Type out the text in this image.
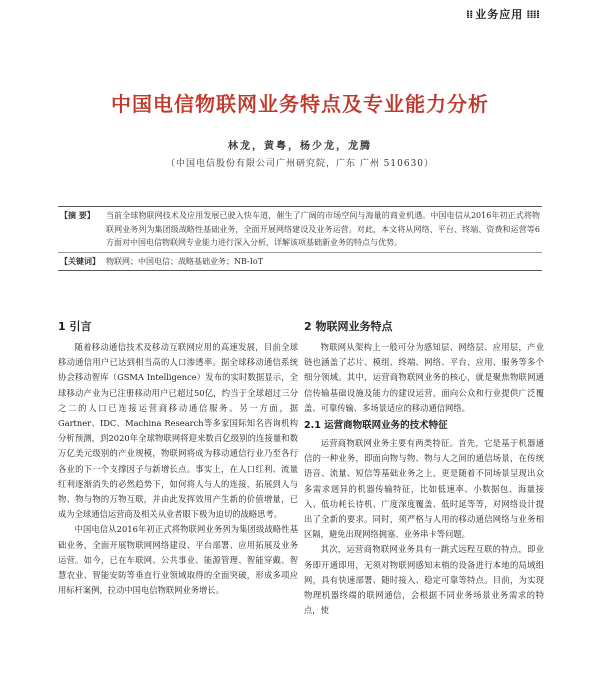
⁞⁞ 业务应用 ⁞⁞⁞⁞
中国电信物联网业务特点及专业能力分析
林龙，黄粤，杨少龙，龙腾
（中国电信股份有限公司广州研究院，广东 广州 510630）
【摘 要】	当前全球物联网技术及应用发展已驶入快车道，催生了广阔的市场空间与海量的商业机遇。中国电信从2016年初正式将物联网业务列为集团级战略性基础业务，全面开展网络建设及业务运营。对此，本文将从网络、平台、终端、资费和运营等6方面对中国电信物联网专业能力进行深入分析，详解该项基础新业务的特点与优势。
【关键词】 物联网；中国电信；战略基础业务；NB-IoT
1 引言

随着移动通信技术及移动互联网应用的高速发展，目前全球移动通信用户已达到相当高的人口渗透率。据全球移动通信系统协会移动智库（GSMA Intelligence）发布的实时数据显示，全球移动产业为已注册移动用户已超过50亿，约当于全球超过三分之二的人口已连接运营商移动通信服务。另一方面，据Gartner、IDC、Machina Research等多家国际知名咨询机构分析预测，到2020年全球物联网将迎来数百亿级别的连接量和数万亿美元级别的产业规模，物联网将成为移动通信行业乃至各行各业的下一个支撑因子与新增长点。事实上，在人口红利、流量红利逐渐消失的必然趋势下，如何将人与人的连接，拓展到人与物、物与物的万物互联，并由此发挥效用产生新的价值增量，已成为全球通信运营商及相关从业者眼下极为迫切的战略思考。

中国电信从2016年初正式将物联网业务列为集团级战略性基础业务，全面开展物联网网络建设、平台部署、应用拓展及业务运营。如今，已在车联网、公共事业、能源管理、智能穿戴、智慧农业、智能安防等垂直行业领域取得的全面突破，形成多项应用标杆案例，拉动中国电信物联网业务增长。

2 物联网业务特点

物联网从架构上一般可分为感知层、网络层、应用层，产业链也涵盖了芯片、模组、终端、网络、平台、应用、服务等多个细分领域。其中，运营商物联网业务的核心，就是聚焦物联网通信传输基础设施及能力的建设运营，面向公众和行业提供广泛覆盖、可靠传输、多场景适应的移动通信网络。

2.1 运营商物联网业务的技术特征

运营商物联网业务主要有两类特征。首先，它是基于机器通信的一种业务，即面向物与物、物与人之间的通信场景，在传统语音、流量、短信等基础业务之上，更是随着不同场景呈现出众多需求迥异的机器传输特征，比如低速率、小数据包、海量接入、低功耗长待机、广度深度覆盖、低时延等等，对网络设计提出了全新的要求。同时，须严格与人用的移动通信网络与业务相区隔，避免出现网络拥塞、业务串卡等问题。

其次，运营商物联网业务具有一跳式远程互联的特点，即业务即开通即用，无须对物联网感知末梢的设备进行本地的局域组网，具有快速部署、随时接入、稳定可靠等特点。目前，为实现物理机器终端的联网通信，会根据不同业务场景业务需求的特点，使
